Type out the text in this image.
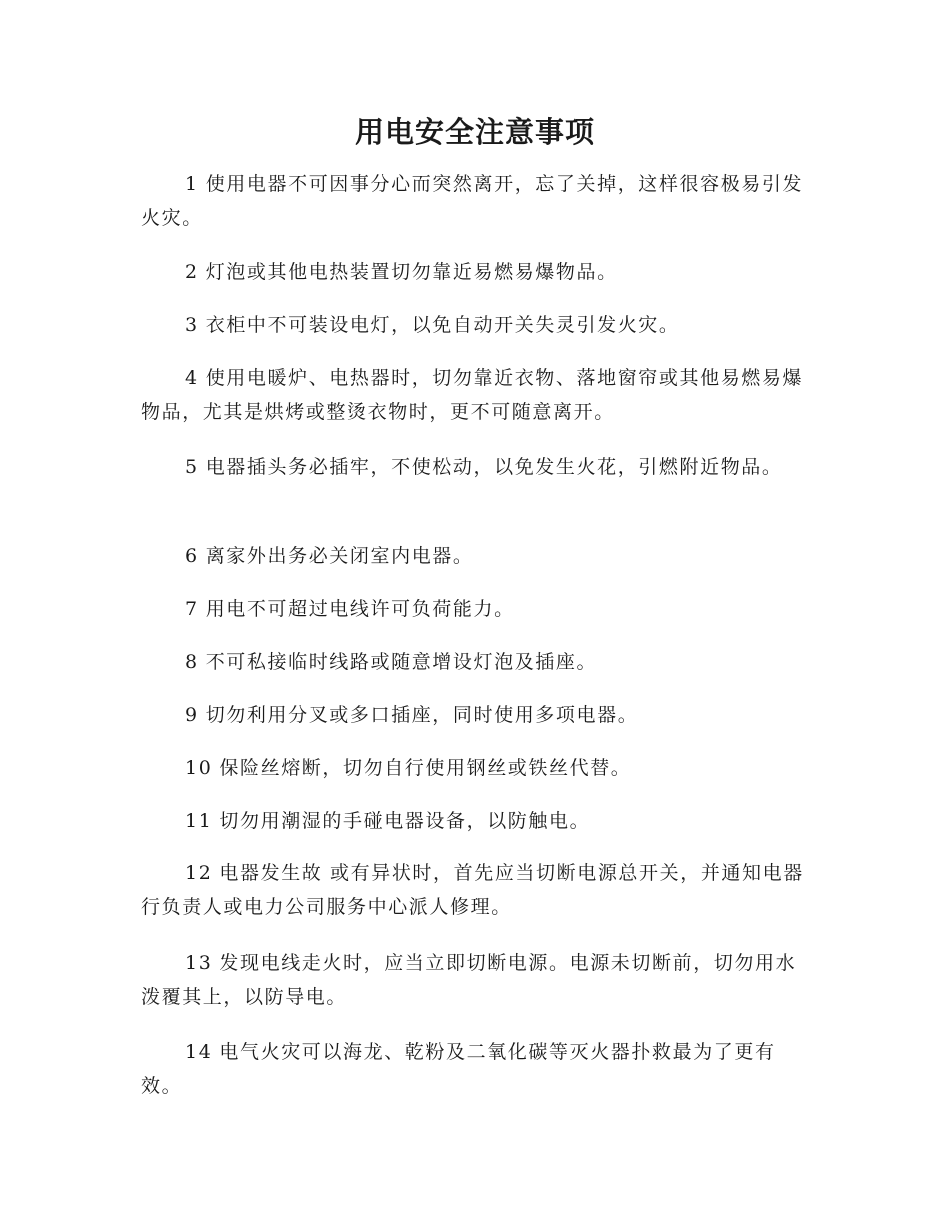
用电安全注意事项

1 使用电器不可因事分心而突然离开，忘了关掉，这样很容极易引发火灾。

2 灯泡或其他电热装置切勿靠近易燃易爆物品。

3 衣柜中不可装设电灯，以免自动开关失灵引发火灾。

4 使用电暖炉、电热器时，切勿靠近衣物、落地窗帘或其他易燃易爆物品，尤其是烘烤或整烫衣物时，更不可随意离开。

5 电器插头务必插牢，不使松动，以免发生火花，引燃附近物品。

6 离家外出务必关闭室内电器。

7 用电不可超过电线许可负荷能力。

8 不可私接临时线路或随意增设灯泡及插座。

9 切勿利用分叉或多口插座，同时使用多项电器。

10 保险丝熔断，切勿自行使用钢丝或铁丝代替。

11 切勿用潮湿的手碰电器设备，以防触电。

12 电器发生故 或有异状时，首先应当切断电源总开关，并通知电器行负责人或电力公司服务中心派人修理。

13 发现电线走火时，应当立即切断电源。电源未切断前，切勿用水泼覆其上，以防导电。

14 电气火灾可以海龙、乾粉及二氧化碳等灭火器扑救最为了更有效。
